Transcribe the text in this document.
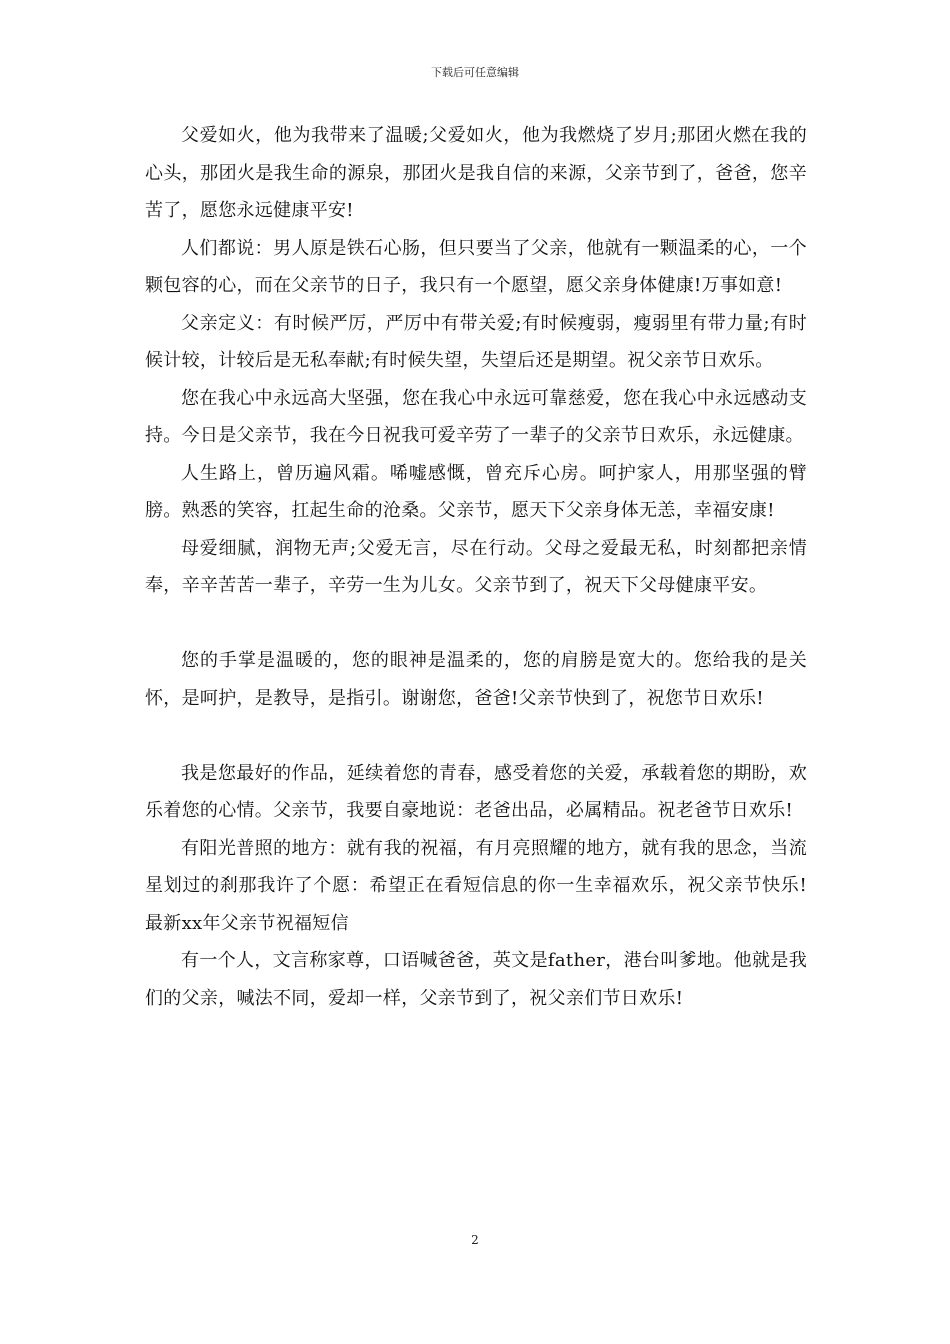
下载后可任意编辑

父爱如火，他为我带来了温暖;父爱如火，他为我燃烧了岁月;那团火燃在我的心头，那团火是我生命的源泉，那团火是我自信的来源，父亲节到了，爸爸，您辛苦了，愿您永远健康平安!

人们都说：男人原是铁石心肠，但只要当了父亲，他就有一颗温柔的心，一个颗包容的心，而在父亲节的日子，我只有一个愿望，愿父亲身体健康!万事如意!

父亲定义：有时候严厉，严厉中有带关爱;有时候瘦弱，瘦弱里有带力量;有时候计较，计较后是无私奉献;有时候失望，失望后还是期望。祝父亲节日欢乐。

您在我心中永远高大坚强，您在我心中永远可靠慈爱，您在我心中永远感动支持。今日是父亲节，我在今日祝我可爱辛劳了一辈子的父亲节日欢乐，永远健康。

人生路上，曾历遍风霜。唏嘘感慨，曾充斥心房。呵护家人，用那坚强的臂膀。熟悉的笑容，扛起生命的沧桑。父亲节，愿天下父亲身体无恙，幸福安康!

母爱细腻，润物无声;父爱无言，尽在行动。父母之爱最无私，时刻都把亲情奉，辛辛苦苦一辈子，辛劳一生为儿女。父亲节到了，祝天下父母健康平安。

您的手掌是温暖的，您的眼神是温柔的，您的肩膀是宽大的。您给我的是关怀，是呵护，是教导，是指引。谢谢您，爸爸!父亲节快到了，祝您节日欢乐!

我是您最好的作品，延续着您的青春，感受着您的关爱，承载着您的期盼，欢乐着您的心情。父亲节，我要自豪地说：老爸出品，必属精品。祝老爸节日欢乐!

有阳光普照的地方：就有我的祝福，有月亮照耀的地方，就有我的思念，当流星划过的刹那我许了个愿：希望正在看短信息的你一生幸福欢乐，祝父亲节快乐!最新xx年父亲节祝福短信

有一个人，文言称家尊，口语喊爸爸，英文是father，港台叫爹地。他就是我们的父亲，喊法不同，爱却一样，父亲节到了，祝父亲们节日欢乐!

2
